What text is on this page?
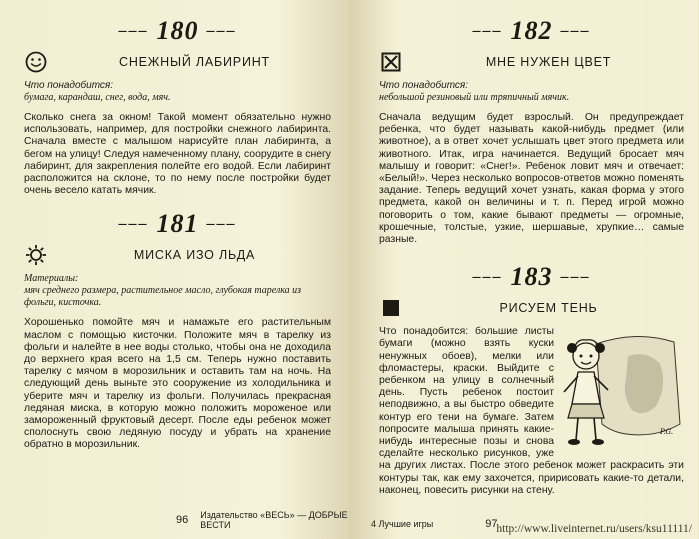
––– 180 –––
СНЕЖНЫЙ ЛАБИРИНТ
Что понадобится:
бумага, карандаш, снег, вода, мяч.
Сколько снега за окном! Такой момент обязательно нужно использовать, например, для постройки снежного лабиринта. Сначала вместе с малышом нарисуйте план лабиринта, а бегом на улицу! Следуя намеченному плану, соорудите в снегу лабиринт, для закрепления полейте его водой. Если лабиринт расположится на склоне, то по нему после постройки будет очень весело катать мячик.
––– 181 –––
МИСКА ИЗО ЛЬДА
Материалы:
мяч среднего размера, растительное масло, глубокая тарелка из фольги, кисточка.
Хорошенько помойте мяч и намажьте его растительным маслом с помощью кисточки. Положите мяч в тарелку из фольги и налейте в нее воды столько, чтобы она не доходила до верхнего края всего на 1,5 см. Теперь нужно поставить тарелку с мячом в морозильник и оставить там на ночь. На следующий день выньте это сооружение из холодильника и уберите мяч и тарелку из фольги. Получилась прекрасная ледяная миска, в которую можно положить мороженое или замороженный фруктовый десерт. После еды ребенок может сполоснуть свою ледяную посуду и убрать на хранение обратно в морозильник.
96 Издательство «ВЕСЬ» — ДОБРЫЕ ВЕСТИ
––– 182 –––
МНЕ НУЖЕН ЦВЕТ
Что понадобится:
небольшой резиновый или тряпичный мячик.
Сначала ведущим будет взрослый. Он предупреждает ребенка, что будет называть какой-нибудь предмет (или животное), а в ответ хочет услышать цвет этого предмета или животного. Итак, игра начинается. Ведущий бросает мяч малышу и говорит: «Снег!». Ребенок ловит мяч и отвечает: «Белый!». Через несколько вопросов-ответов можно поменять задание. Теперь ведущий хочет узнать, какая форма у этого предмета, какой он величины и т. п. Перед игрой можно поговорить о том, какие бывают предметы — огромные, крошечные, толстые, узкие, шершавые, хрупкие… самые разные.
––– 183 –––
РИСУЕМ ТЕНЬ
P.G.
Что понадобится: большие листы бумаги (можно взять куски ненужных обоев), мелки или фломастеры, краски. Выйдите с ребенком на улицу в солнечный день. Пусть ребенок постоит неподвижно, а вы быстро обведите контур его тени на бумаге. Затем попросите малыша принять какие-нибудь интересные позы и снова сделайте несколько рисунков, уже на других листах. После этого ребенок может раскрасить эти контуры так, как ему захочется, пририсовать какие-то детали, наконец, повесить рисунки на стену.
4 Лучшие игры	97
http://www.liveinternet.ru/users/ksu11111/
